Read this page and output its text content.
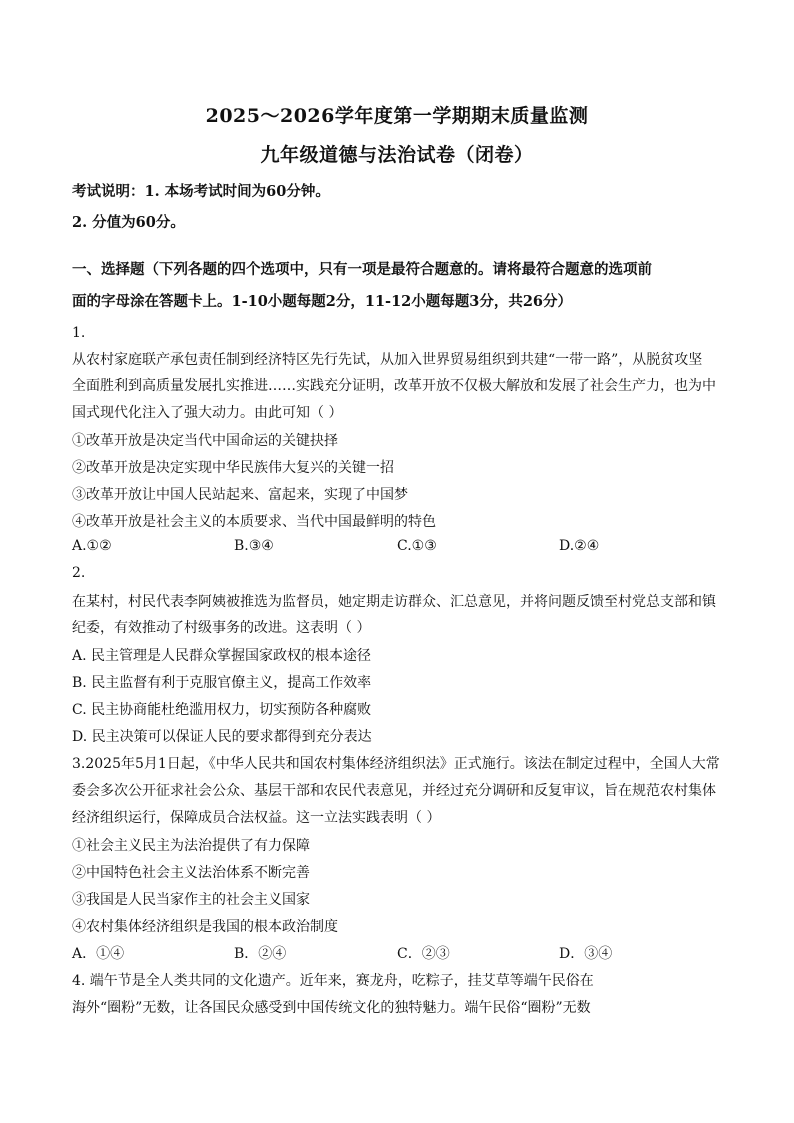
2025～2026学年度第一学期期末质量监测
九年级道德与法治试卷（闭卷）
考试说明：1. 本场考试时间为60分钟。
2. 分值为60分。
一、选择题（下列各题的四个选项中，只有一项是最符合题意的。请将最符合题意的选项前
面的字母涂在答题卡上。1-10小题每题2分，11-12小题每题3分，共26分）
1.
从农村家庭联产承包责任制到经济特区先行先试，从加入世界贸易组织到共建“一带一路”，从脱贫攻坚
全面胜利到高质量发展扎实推进……实践充分证明，改革开放不仅极大解放和发展了社会生产力，也为中
国式现代化注入了强大动力。由此可知（ ）
①改革开放是决定当代中国命运的关键抉择
②改革开放是决定实现中华民族伟大复兴的关键一招
③改革开放让中国人民站起来、富起来，实现了中国梦
④改革开放是社会主义的本质要求、当代中国最鲜明的特色
A.①②	B.③④	C.①③	D.②④
2.
在某村，村民代表李阿姨被推选为监督员，她定期走访群众、汇总意见，并将问题反馈至村党总支部和镇
纪委，有效推动了村级事务的改进。这表明（ ）
A. 民主管理是人民群众掌握国家政权的根本途径
B. 民主监督有利于克服官僚主义，提高工作效率
C. 民主协商能杜绝滥用权力，切实预防各种腐败
D. 民主决策可以保证人民的要求都得到充分表达
3.2025年5月1日起，《中华人民共和国农村集体经济组织法》正式施行。该法在制定过程中，全国人大常
委会多次公开征求社会公众、基层干部和农民代表意见，并经过充分调研和反复审议，旨在规范农村集体
经济组织运行，保障成员合法权益。这一立法实践表明（ ）
①社会主义民主为法治提供了有力保障
②中国特色社会主义法治体系不断完善
③我国是人民当家作主的社会主义国家
④农村集体经济组织是我国的根本政治制度
A．①④	B．②④	C．②③	D．③④
4. 端午节是全人类共同的文化遗产。近年来，赛龙舟，吃粽子，挂艾草等端午民俗在
海外“圈粉”无数，让各国民众感受到中国传统文化的独特魅力。端午民俗“圈粉”无数
